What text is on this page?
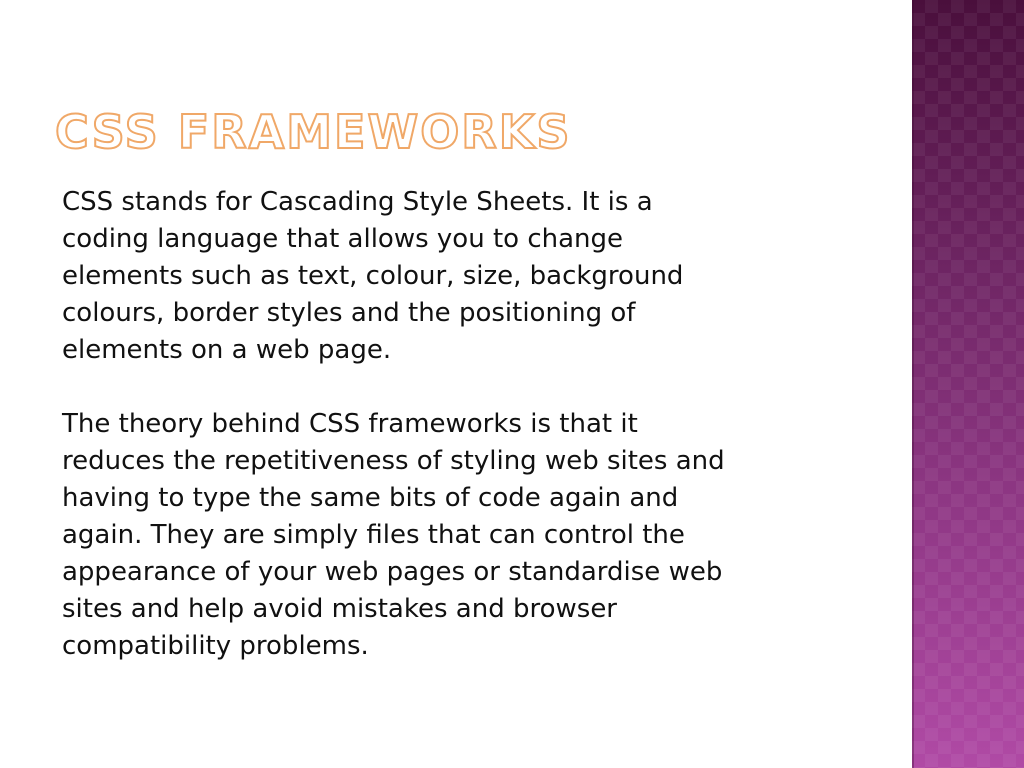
CSS FRAMEWORKS

CSS stands for Cascading Style Sheets. It is a
coding language that allows you to change
elements such as text, colour, size, background
colours, border styles and the positioning of
elements on a web page.

The theory behind CSS frameworks is that it
reduces the repetitiveness of styling web sites and
having to type the same bits of code again and
again. They are simply files that can control the
appearance of your web pages or standardise web
sites and help avoid mistakes and browser
compatibility problems.
